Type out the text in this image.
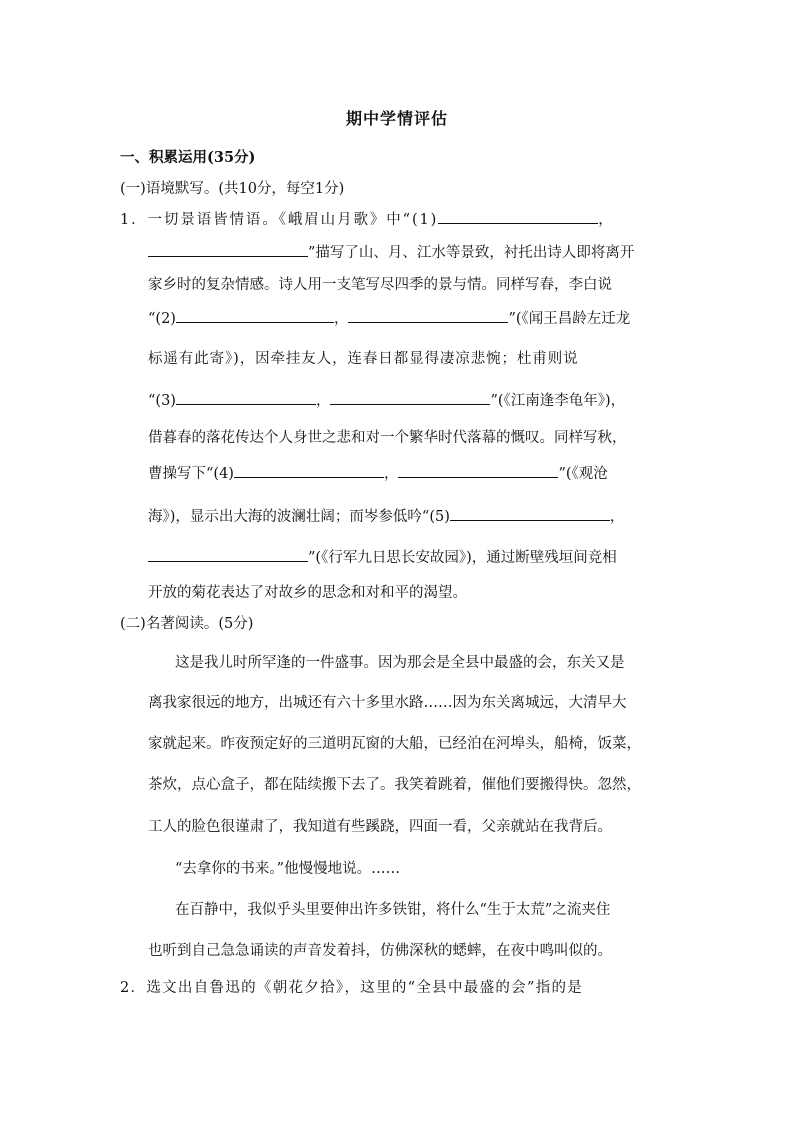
期中学情评估
一、积累运用(35分)
(一)语境默写。(共10分，每空1分)
1．一切景语皆情语。《峨眉山月歌》中“(1)	，
”描写了山、月、江水等景致，衬托出诗人即将离开
家乡时的复杂情感。诗人用一支笔写尽四季的景与情。同样写春，李白说
“(2)	，	”(《闻王昌龄左迁龙
标遥有此寄》)，因牵挂友人，连春日都显得凄凉悲惋；杜甫则说
“(3)	，	”(《江南逢李龟年》)，
借暮春的落花传达个人身世之悲和对一个繁华时代落幕的慨叹。同样写秋，
曹操写下“(4)	，	”(《观沧
海》)，显示出大海的波澜壮阔；而岑参低吟“(5)	，
”(《行军九日思长安故园》)，通过断壁残垣间竞相
开放的菊花表达了对故乡的思念和对和平的渴望。
(二)名著阅读。(5分)
这是我儿时所罕逢的一件盛事。因为那会是全县中最盛的会，东关又是
离我家很远的地方，出城还有六十多里水路……因为东关离城远，大清早大
家就起来。昨夜预定好的三道明瓦窗的大船，已经泊在河埠头，船椅，饭菜，
茶炊，点心盒子，都在陆续搬下去了。我笑着跳着，催他们要搬得快。忽然，
工人的脸色很谨肃了，我知道有些蹊跷，四面一看，父亲就站在我背后。
“去拿你的书来。”他慢慢地说。……
在百静中，我似乎头里要伸出许多铁钳，将什么“生于太荒”之流夹住
也听到自己急急诵读的声音发着抖，仿佛深秋的蟋蟀，在夜中鸣叫似的。
2．选文出自鲁迅的《朝花夕拾》，这里的“全县中最盛的会”指的是
